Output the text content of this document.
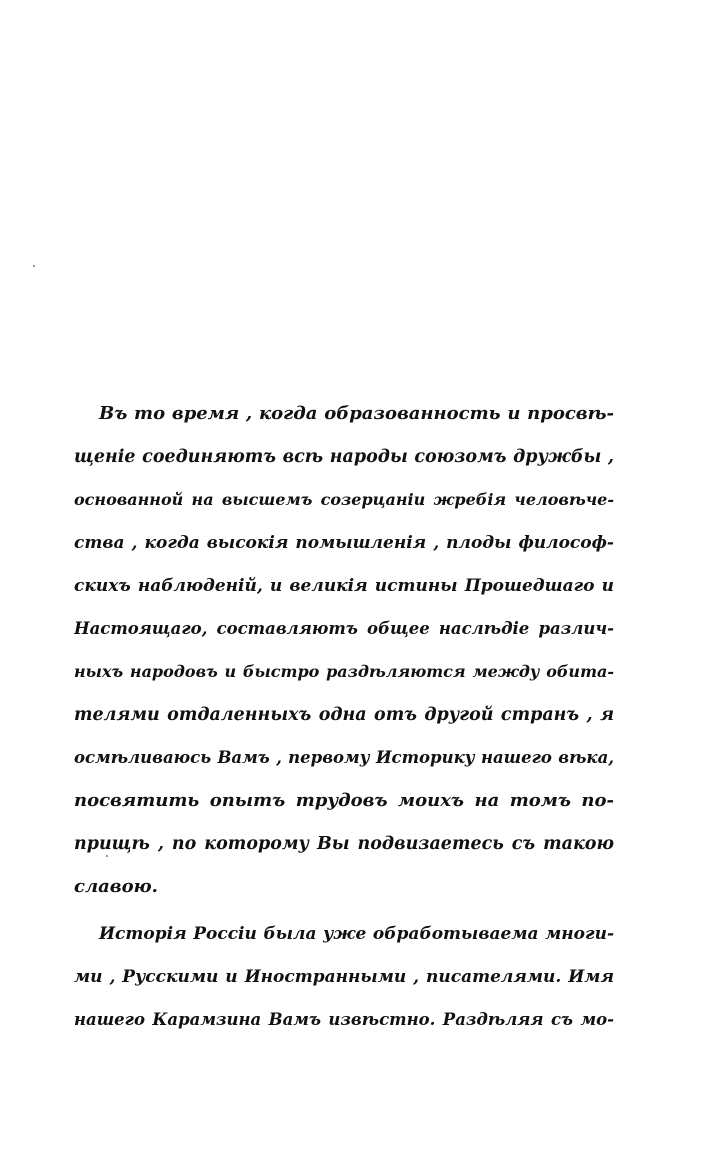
Въ то время , когда образованность и просвѣ-
щеніе соединяютъ всѣ народы союзомъ дружбы ,
основанной на высшемъ созерцаніи жребія человѣче-
ства , когда высокія помышленія , плоды философ-
скихъ наблюденій, и великія истины Прошедшаго и
Настоящаго, составляютъ общее наслѣдіе различ-
ныхъ народовъ и быстро раздѣляются между обита-
телями отдаленныхъ одна отъ другой странъ , я
осмѣливаюсь Вамъ , первому Историку нашего вѣка,
посвятить опытъ трудовъ моихъ на томъ по-
прищѣ , по которому Вы подвизаетесь съ такою
славою.
Исторія Россіи была уже обработываема многи-
ми , Русскими и Иностранными , писателями. Имя
нашего Карамзина Вамъ извѣстно. Раздѣляя съ мо-
